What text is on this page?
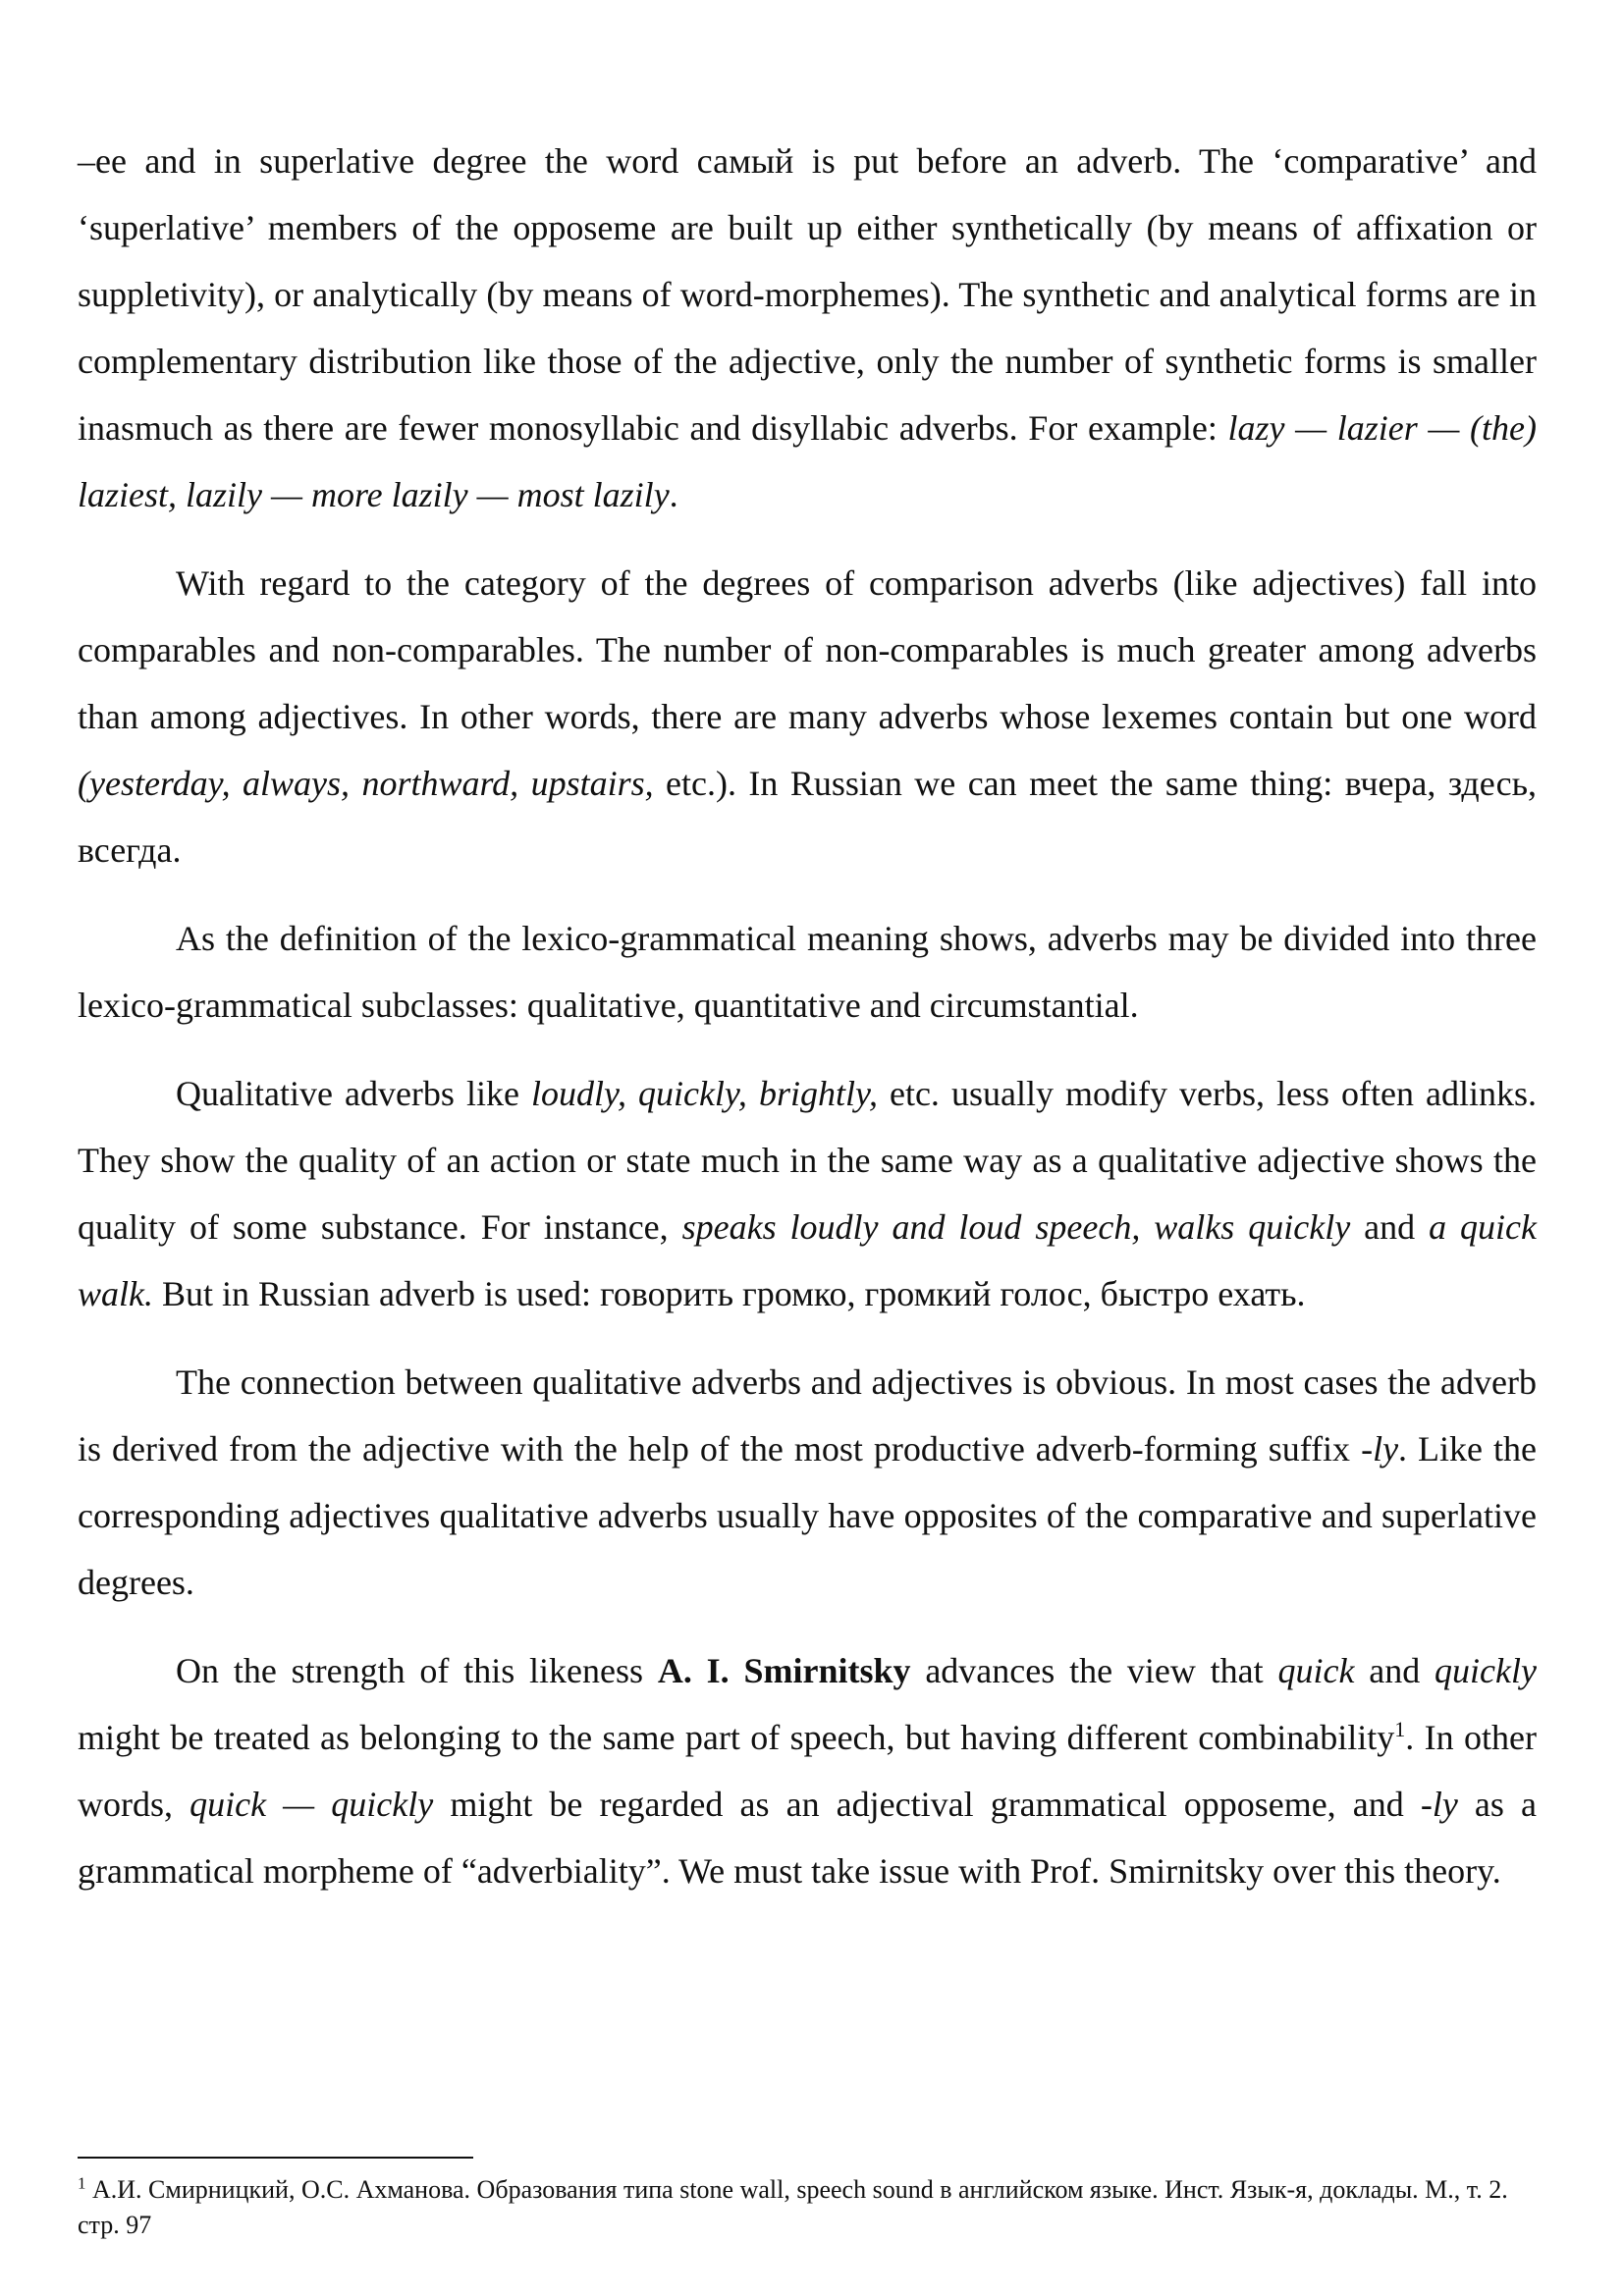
–ee and in superlative degree the word самый is put before an adverb. The ‘comparative’ and ‘superlative’ members of the opposeme are built up either synthetically (by means of affixation or suppletivity), or analytically (by means of word-morphemes). The synthetic and analytical forms are in complementary distribution like those of the adjective, only the number of synthetic forms is smaller inasmuch as there are fewer monosyllabic and disyllabic adverbs. For example: lazy — lazier — (the) laziest, lazily — more lazily — most lazily.

With regard to the category of the degrees of comparison adverbs (like adjectives) fall into comparables and non-comparables. The number of non-comparables is much greater among adverbs than among adjectives. In other words, there are many adverbs whose lexemes contain but one word (yesterday, always, northward, upstairs, etc.). In Russian we can meet the same thing: вчера, здесь, всегда.

As the definition of the lexico-grammatical meaning shows, adverbs may be divided into three lexico-grammatical subclasses: qualitative, quantitative and circumstantial.

Qualitative adverbs like loudly, quickly, brightly, etc. usually modify verbs, less often adlinks. They show the quality of an action or state much in the same way as a qualitative adjective shows the quality of some substance. For instance, speaks loudly and loud speech, walks quickly and a quick walk. But in Russian adverb is used: говорить громко, громкий голос, быстро ехать.

The connection between qualitative adverbs and adjectives is obvious. In most cases the adverb is derived from the adjective with the help of the most productive adverb-forming suffix -ly. Like the corresponding adjectives qualitative adverbs usually have opposites of the comparative and superlative degrees.

On the strength of this likeness A. I. Smirnitsky advances the view that quick and quickly might be treated as belonging to the same part of speech, but having different combinability$^1$. In other words, quick — quickly might be regarded as an adjectival grammatical opposeme, and -ly as a grammatical morpheme of “adverbiality”. We must take issue with Prof. Smirnitsky over this theory.

$^1$ А.И. Смирницкий, О.С. Ахманова. Образования типа stone wall, speech sound в английском языке. Инст. Язык-я, доклады. М., т. 2. стр. 97
